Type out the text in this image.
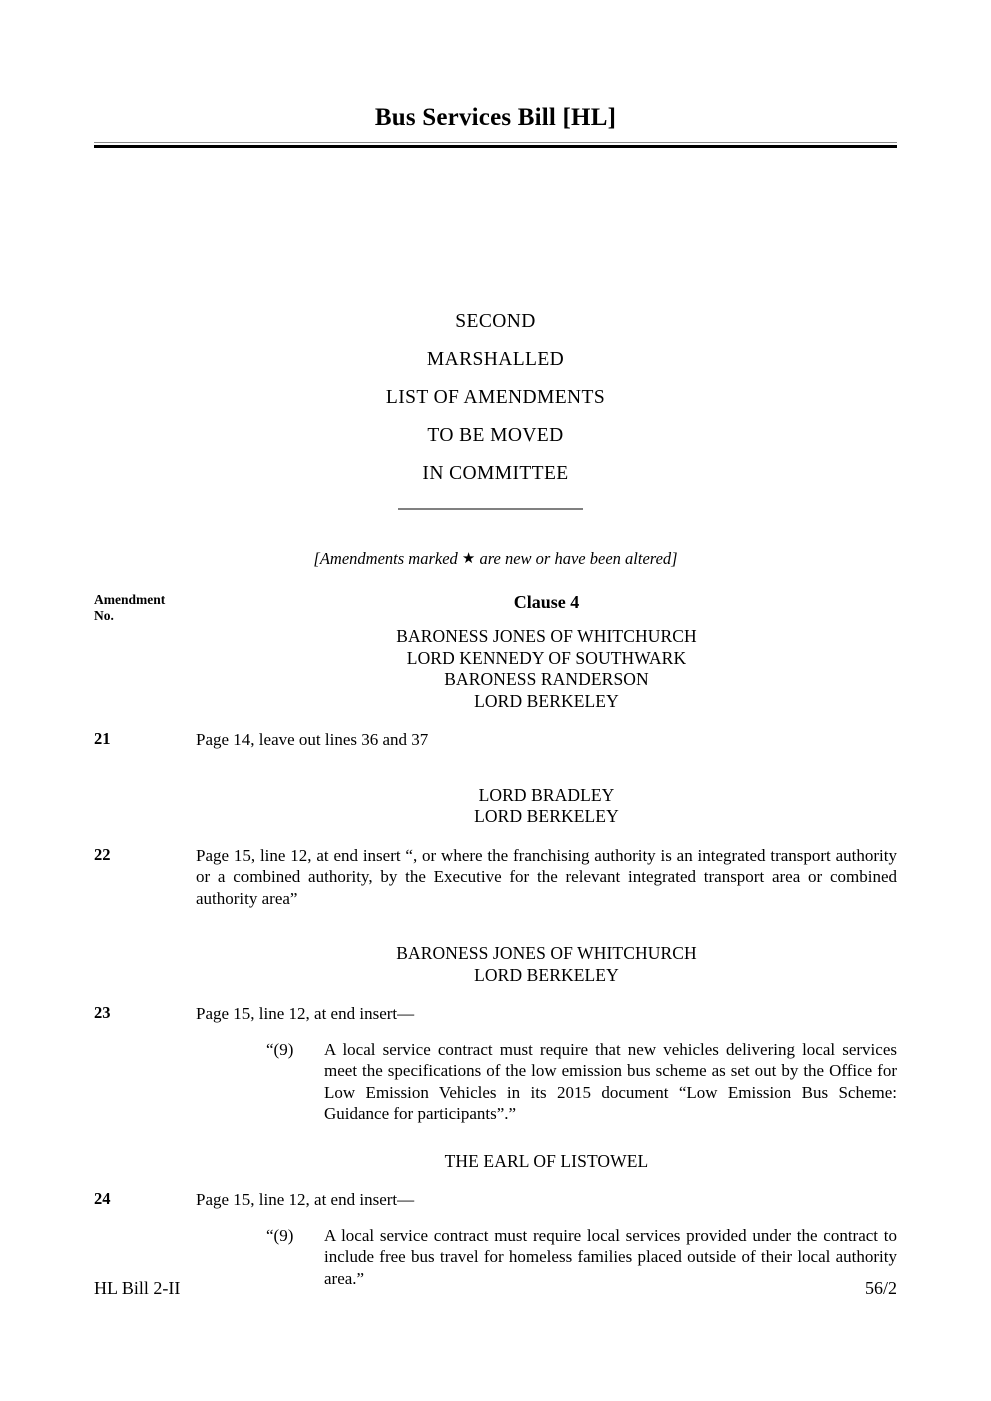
Bus Services Bill [HL]
SECOND
MARSHALLED
LIST OF AMENDMENTS
TO BE MOVED
IN COMMITTEE
[Amendments marked ★ are new or have been altered]
Amendment
No.
Clause 4
BARONESS JONES OF WHITCHURCH
LORD KENNEDY OF SOUTHWARK
BARONESS RANDERSON
LORD BERKELEY
21	Page 14, leave out lines 36 and 37
LORD BRADLEY
LORD BERKELEY
22	Page 15, line 12, at end insert “, or where the franchising authority is an integrated transport authority or a combined authority, by the Executive for the relevant integrated transport area or combined authority area”
BARONESS JONES OF WHITCHURCH
LORD BERKELEY
23	Page 15, line 12, at end insert—
“(9)	A local service contract must require that new vehicles delivering local services meet the specifications of the low emission bus scheme as set out by the Office for Low Emission Vehicles in its 2015 document “Low Emission Bus Scheme: Guidance for participants”.”
THE EARL OF LISTOWEL
24	Page 15, line 12, at end insert—
“(9)	A local service contract must require local services provided under the contract to include free bus travel for homeless families placed outside of their local authority area.”
HL Bill 2-II	56/2
